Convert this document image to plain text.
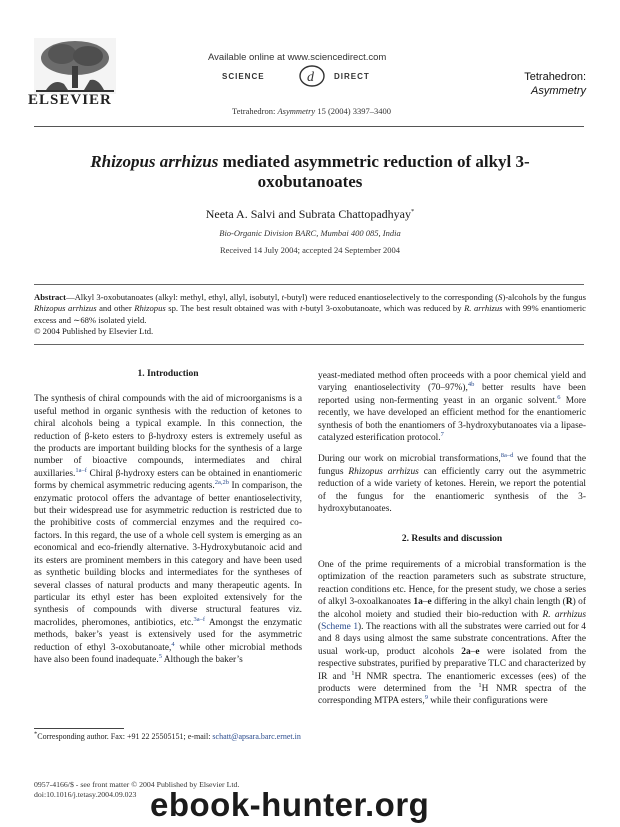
ELSEVIER
Available online at www.sciencedirect.com
SCIENCE	d	DIRECT
Tetrahedron: Asymmetry 15 (2004) 3397–3400
Tetrahedron:
Asymmetry
Rhizopus arrhizus mediated asymmetric reduction of alkyl 3-oxobutanoates
Neeta A. Salvi and Subrata Chattopadhyay*
Bio-Organic Division BARC, Mumbai 400 085, India
Received 14 July 2004; accepted 24 September 2004
Abstract—Alkyl 3-oxobutanoates (alkyl: methyl, ethyl, allyl, isobutyl, t-butyl) were reduced enantioselectively to the corresponding (S)-alcohols by the fungus Rhizopus arrhizus and other Rhizopus sp. The best result obtained was with t-butyl 3-oxobutanoate, which was reduced by R. arrhizus with 99% enantiomeric excess and ∼68% isolated yield.
© 2004 Published by Elsevier Ltd.
1. Introduction

The synthesis of chiral compounds with the aid of microorganisms is a useful method in organic synthesis with the reduction of ketones to chiral alcohols being a typical example. In this connection, the reduction of β-keto esters to β-hydroxy esters is extremely useful as the products are important building blocks for the synthesis of a large number of bioactive compounds, intermediates and chiral auxillaries.$^{1a-f}$ Chiral β-hydroxy esters can be obtained in enantiomeric forms by chemical asymmetric reducing agents.$^{2a,2b}$ In comparison, the enzymatic protocol offers the advantage of better enantioselectivity, but their widespread use for asymmetric reduction is restricted due to the prohibitive costs of commercial enzymes and the required co-factors. In this regard, the use of a whole cell system is emerging as an economical and eco-friendly alternative. 3-Hydroxybutanoic acid and its esters are prominent members in this category and have been used as synthetic building blocks and intermediates for the syntheses of several classes of natural products and many therapeutic agents. In particular its ethyl ester has been exploited extensively for the synthesis of compounds with diverse structural features viz. macrolides, pheromones, antibiotics, etc.$^{3a-f}$ Amongst the enzymatic methods, baker’s yeast is extensively used for the asymmetric reduction of ethyl 3-oxobutanoate,$^4$ while other microbial methods have also been found inadequate.$^5$ Although the baker’s

yeast-mediated method often proceeds with a poor chemical yield and varying enantioselectivity (70–97%),$^{4b}$ better results have been reported using non-fermenting yeast in an organic solvent.$^6$ More recently, we have developed an efficient method for the enantiomeric synthesis of both the enantiomers of 3-hydroxybutanoates via a lipase-catalyzed esterification protocol.$^7$

During our work on microbial transformations,$^{8a-d}$ we found that the fungus Rhizopus arrhizus can efficiently carry out the asymmetric reduction of a wide variety of ketones. Herein, we report the potential of the fungus for the enantiomeric synthesis of the 3-hydroxybutanoates.

2. Results and discussion

One of the prime requirements of a microbial transformation is the optimization of the reaction parameters such as substrate structure, reaction conditions etc. Hence, for the present study, we chose a series of alkyl 3-oxoalkanoates 1a–e differing in the alkyl chain length (R) of the alcohol moiety and studied their bio-reduction with R. arrhizus (Scheme 1). The reactions with all the substrates were carried out for 4 and 8 days using almost the same substrate concentrations. After the usual work-up, product alcohols 2a–e were isolated from the respective substrates, purified by preparative TLC and characterized by IR and $^1$H NMR spectra. The enantiomeric excesses (ees) of the products were determined from the $^1$H NMR spectra of the corresponding MTPA esters,$^9$ while their configurations were

*Corresponding author. Fax: +91 22 25505151; e-mail: schatt@apsara.barc.ernet.in
0957-4166/$ - see front matter © 2004 Published by Elsevier Ltd.
doi:10.1016/j.tetasy.2004.09.023 ebook-hunter.org
